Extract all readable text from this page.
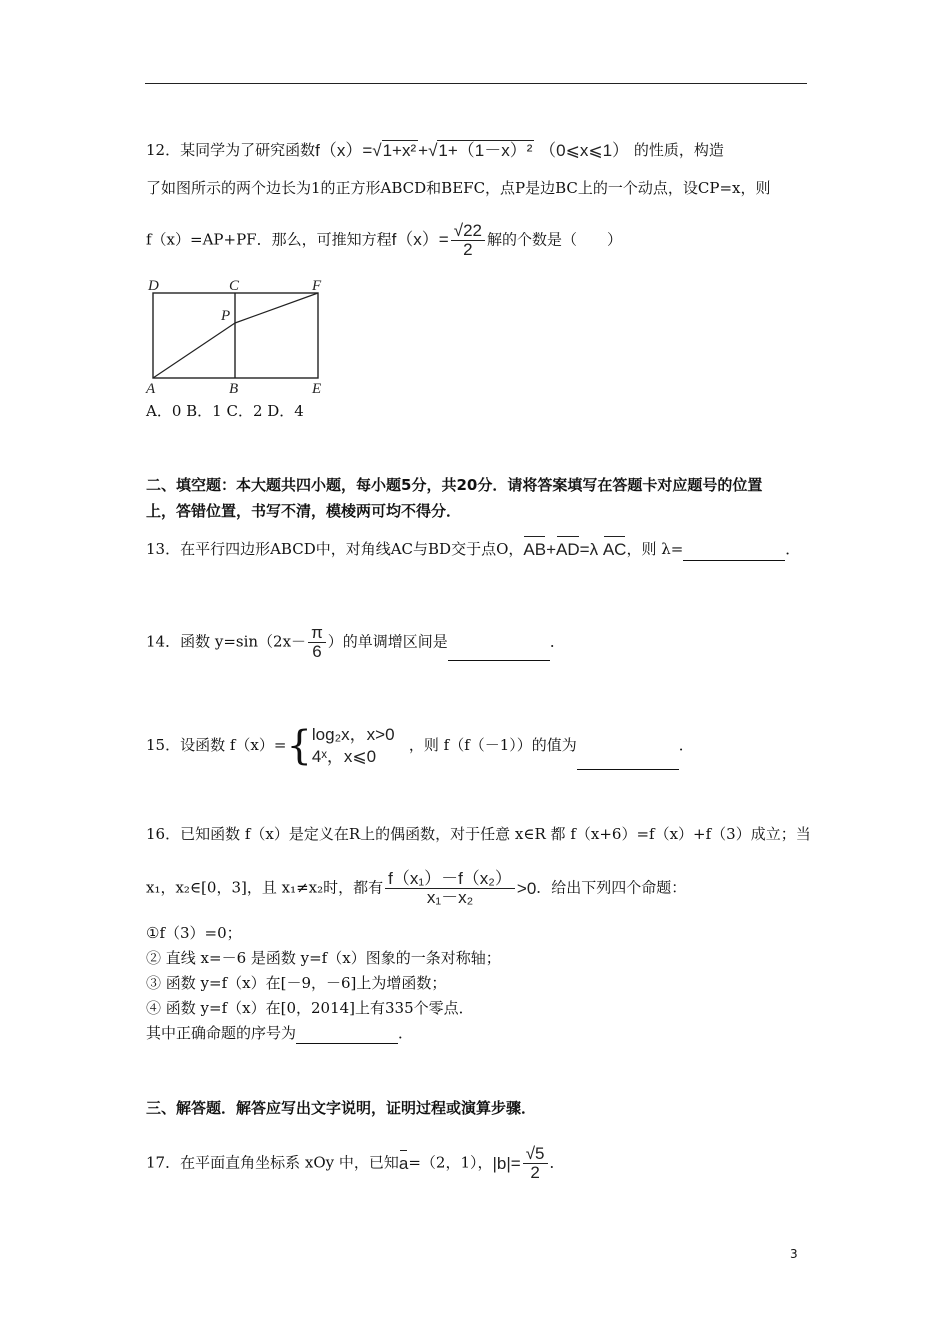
12．某同学为了研究函数f（x）=√1+x² +√1+（1－x）² （0⩽x⩽1） 的性质，构造
了如图所示的两个边长为1的正方形ABCD和BEFC，点P是边BC上的一个动点，设CP=x，则
f（x）=AP+PF．那么，可推知方程$f(x)= \frac{√22}{2}$ 解的个数是（　　）
D	C	F
P
A	B	E
A．0 B．1 C．2 D．4
二、填空题：本大题共四小题，每小题5分，共20分．请将答案填写在答题卡对应题号的位置
上，答错位置，书写不清，模棱两可均不得分．
13．在平行四边形ABCD中，对角线AC与BD交于点O，AB+AD=λ AC，则 λ=	．
14．函数 $y=\sin(2x- \frac{\pi}{6}$ ）的单调增区间是	．
15．设函数 f（x）={ log₂x，x>0
4ˣ，x⩽0
，则 f（f（－1））的值为	．
16．已知函数 f（x）是定义在R上的偶函数，对于任意 x∈R 都 f（x+6）=f（x）+f（3）成立；当
x₁，x₂∈[0，3]，且 x₁≠x₂时，都有 $\frac{\text{f（x₁）－f（x₂）}}{\text{x₁－x₂}} >0$．给出下列四个命题：
①f（3）=0；
② 直线 x=－6 是函数 y=f（x）图象的一条对称轴；
③ 函数 y=f（x）在[－9，－6]上为增函数；
④ 函数 y=f（x）在[0，2014]上有335个零点．
其中正确命题的序号为	．
三、解答题．解答应写出文字说明，证明过程或演算步骤．
17．在平面直角坐标系 xOy 中，已知a=（2，1），$|b|= \frac{√5}{2}$ ．
3
